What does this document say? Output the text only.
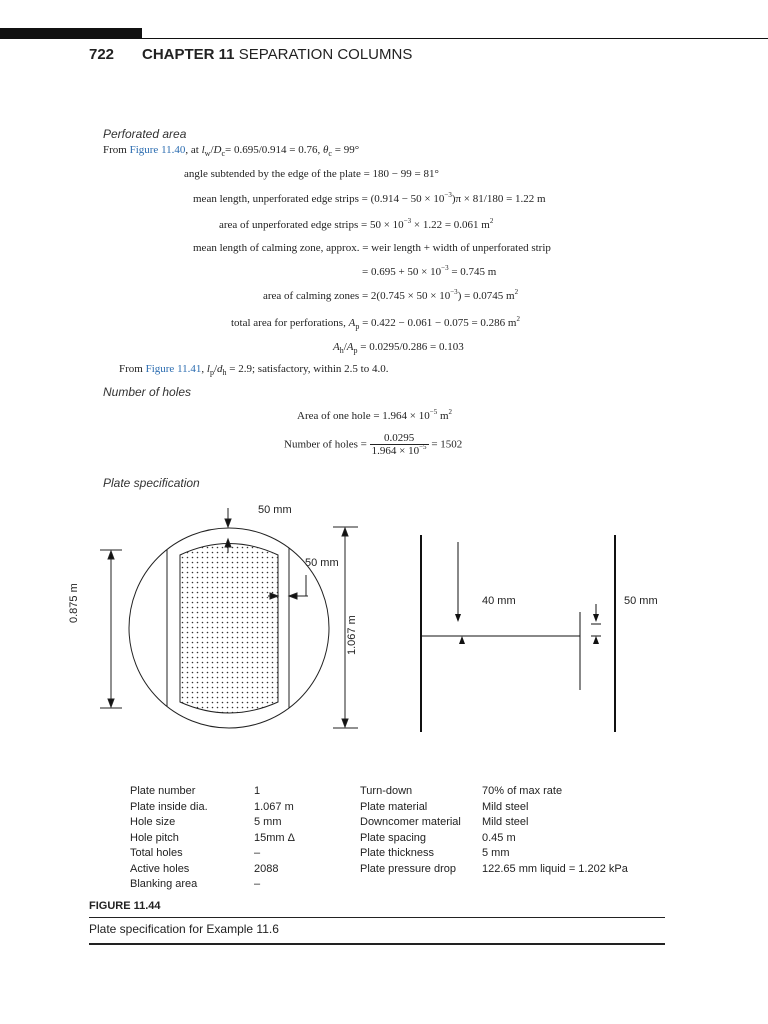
722 CHAPTER 11 SEPARATION COLUMNS
Perforated area
From Figure 11.40, at $l_w/D_c= 0.695/0.914 = 0.76$, $\theta_c = 99^\circ$
angle subtended by the edge of the plate = 180 − 99 = 81°
mean length, unperforated edge strips = $(0.914 - 50 \times 10^{-3})\pi \times 81/180 = 1.22$ m
area of unperforated edge strips = $50 \times 10^{-3} \times 1.22 = 0.061$ $m^2$
mean length of calming zone, approx. = weir length + width of unperforated strip
= $0.695 + 50 \times 10^{-3} = 0.745$ m
area of calming zones = $2(0.745 \times 50 \times 10^{-3}) = 0.0745$ $m^2$
total area for perforations, $A_p = 0.422 - 0.061 - 0.075 = 0.286$ $m^2$
$A_h/A_p = 0.0295/0.286 = 0.103$
From Figure 11.41, $l_p/d_h = 2.9$; satisfactory, within 2.5 to 4.0.
Number of holes
Area of one hole = $1.964 \times 10^{-5}$ $m^2$
Number of holes = $\frac{0.0295}{1.964 \times 10^{-5}} = 1502$
Plate specification
50 mm
50 mm
0.875 m
1.067 m
40 mm	50 mm
Plate number
Plate inside dia.
Hole size
Hole pitch
Total holes
Active holes
Blanking area
1
1.067 m
5 mm
15mm Δ
–
2088
–
Turn-down
Plate material
Downcomer material
Plate spacing
Plate thickness
Plate pressure drop
70% of max rate
Mild steel
Mild steel
0.45 m
5 mm
122.65 mm liquid = 1.202 kPa
FIGURE 11.44
Plate specification for Example 11.6
